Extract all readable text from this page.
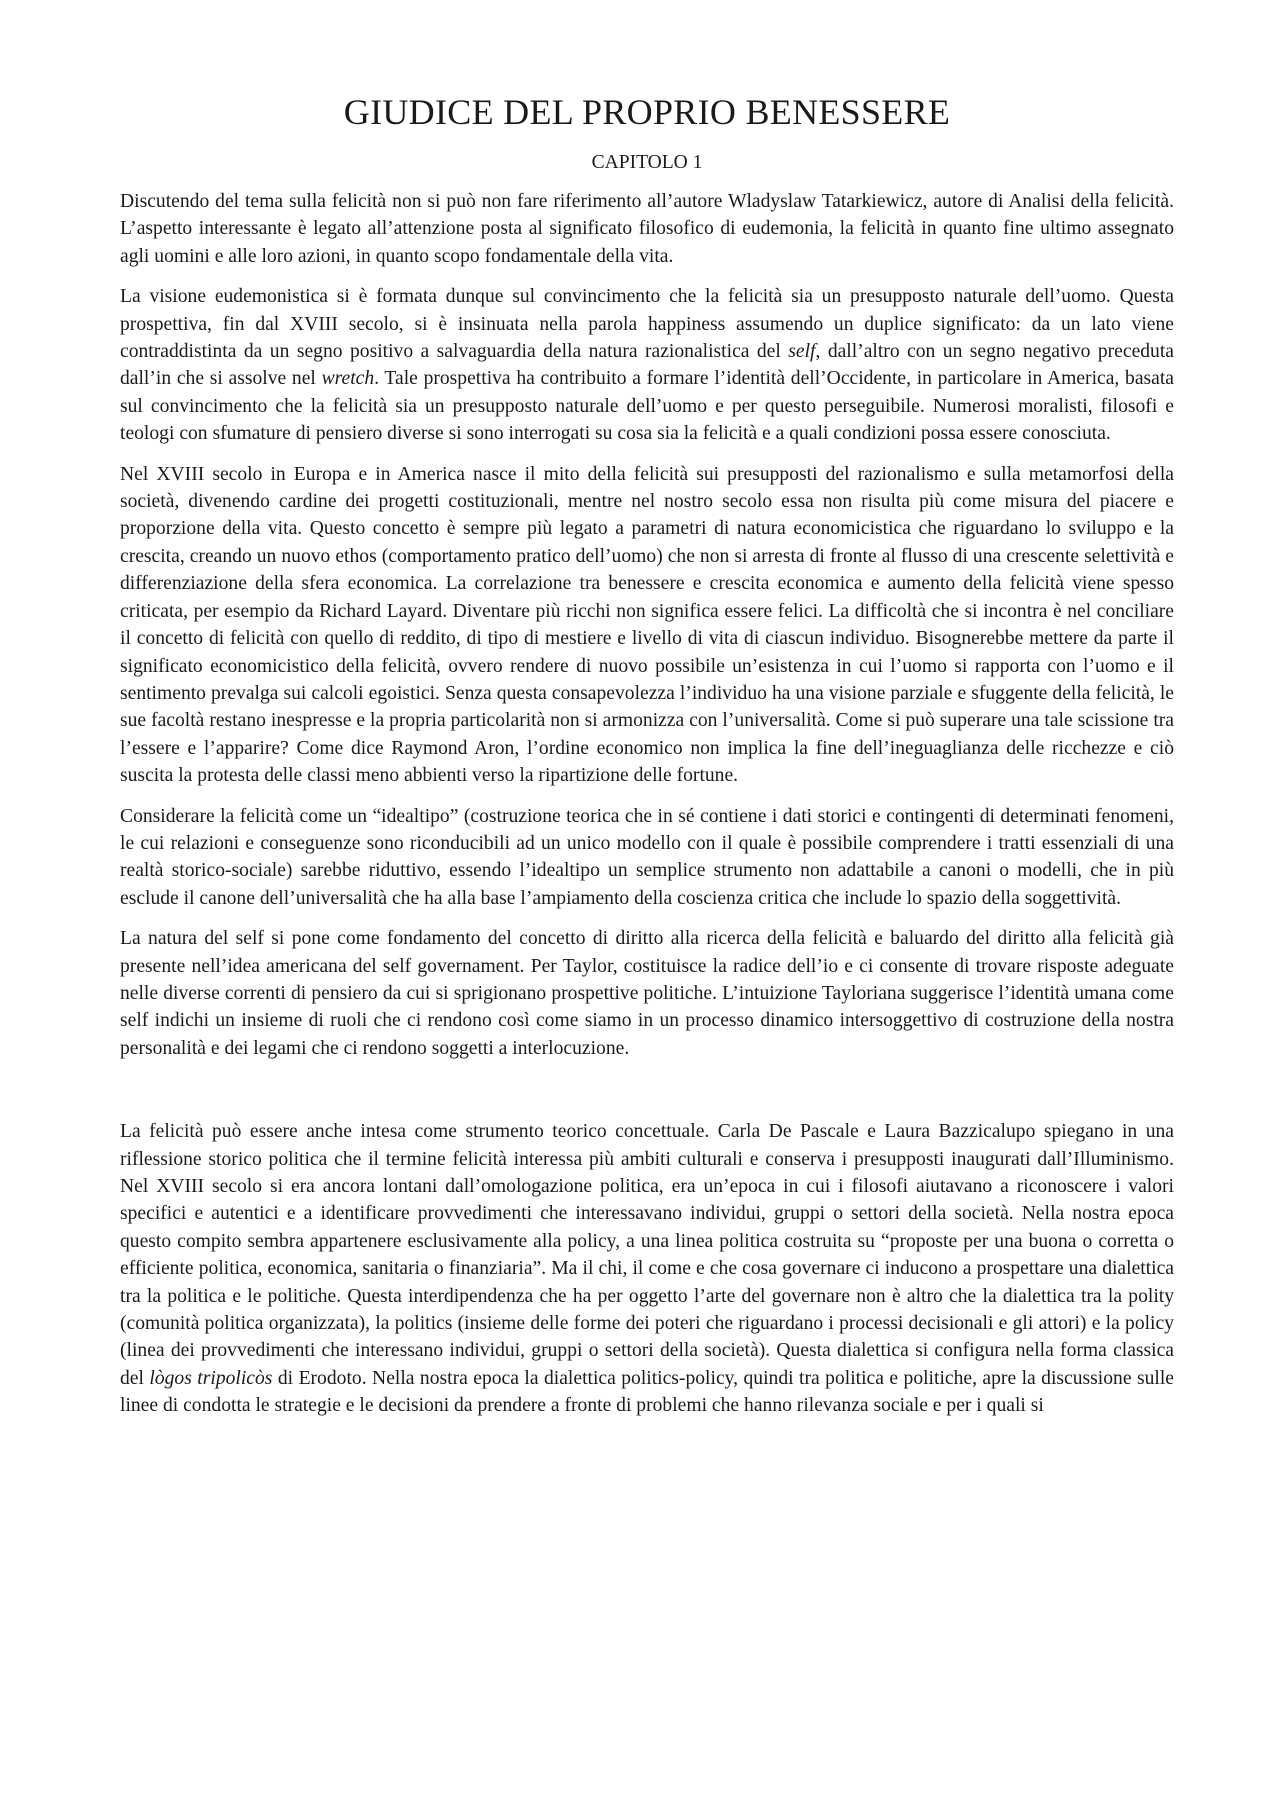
GIUDICE DEL PROPRIO BENESSERE
CAPITOLO 1

Discutendo del tema sulla felicità non si può non fare riferimento all’autore Wladyslaw Tatarkiewicz, autore di Analisi della felicità. L’aspetto interessante è legato all’attenzione posta al significato filosofico di eudemonia, la felicità in quanto fine ultimo assegnato agli uomini e alle loro azioni, in quanto scopo fondamentale della vita.

La visione eudemonistica si è formata dunque sul convincimento che la felicità sia un presupposto naturale dell’uomo. Questa prospettiva, fin dal XVIII secolo, si è insinuata nella parola happiness assumendo un duplice significato: da un lato viene contraddistinta da un segno positivo a salvaguardia della natura razionalistica del self, dall’altro con un segno negativo preceduta dall’in che si assolve nel wretch. Tale prospettiva ha contribuito a formare l’identità dell’Occidente, in particolare in America, basata sul convincimento che la felicità sia un presupposto naturale dell’uomo e per questo perseguibile. Numerosi moralisti, filosofi e teologi con sfumature di pensiero diverse si sono interrogati su cosa sia la felicità e a quali condizioni possa essere conosciuta.

Nel XVIII secolo in Europa e in America nasce il mito della felicità sui presupposti del razionalismo e sulla metamorfosi della società, divenendo cardine dei progetti costituzionali, mentre nel nostro secolo essa non risulta più come misura del piacere e proporzione della vita. Questo concetto è sempre più legato a parametri di natura economicistica che riguardano lo sviluppo e la crescita, creando un nuovo ethos (comportamento pratico dell’uomo) che non si arresta di fronte al flusso di una crescente selettività e differenziazione della sfera economica. La correlazione tra benessere e crescita economica e aumento della felicità viene spesso criticata, per esempio da Richard Layard. Diventare più ricchi non significa essere felici. La difficoltà che si incontra è nel conciliare il concetto di felicità con quello di reddito, di tipo di mestiere e livello di vita di ciascun individuo. Bisognerebbe mettere da parte il significato economicistico della felicità, ovvero rendere di nuovo possibile un’esistenza in cui l’uomo si rapporta con l’uomo e il sentimento prevalga sui calcoli egoistici. Senza questa consapevolezza l’individuo ha una visione parziale e sfuggente della felicità, le sue facoltà restano inespresse e la propria particolarità non si armonizza con l’universalità. Come si può superare una tale scissione tra l’essere e l’apparire? Come dice Raymond Aron, l’ordine economico non implica la fine dell’ineguaglianza delle ricchezze e ciò suscita la protesta delle classi meno abbienti verso la ripartizione delle fortune.

Considerare la felicità come un “idealtipo” (costruzione teorica che in sé contiene i dati storici e contingenti di determinati fenomeni, le cui relazioni e conseguenze sono riconducibili ad un unico modello con il quale è possibile comprendere i tratti essenziali di una realtà storico-sociale) sarebbe riduttivo, essendo l’idealtipo un semplice strumento non adattabile a canoni o modelli, che in più esclude il canone dell’universalità che ha alla base l’ampiamento della coscienza critica che include lo spazio della soggettività.

La natura del self si pone come fondamento del concetto di diritto alla ricerca della felicità e baluardo del diritto alla felicità già presente nell’idea americana del self governament. Per Taylor, costituisce la radice dell’io e ci consente di trovare risposte adeguate nelle diverse correnti di pensiero da cui si sprigionano prospettive politiche. L’intuizione Tayloriana suggerisce l’identità umana come self indichi un insieme di ruoli che ci rendono così come siamo in un processo dinamico intersoggettivo di costruzione della nostra personalità e dei legami che ci rendono soggetti a interlocuzione.

La felicità può essere anche intesa come strumento teorico concettuale. Carla De Pascale e Laura Bazzicalupo spiegano in una riflessione storico politica che il termine felicità interessa più ambiti culturali e conserva i presupposti inaugurati dall’Illuminismo. Nel XVIII secolo si era ancora lontani dall’omologazione politica, era un’epoca in cui i filosofi aiutavano a riconoscere i valori specifici e autentici e a identificare provvedimenti che interessavano individui, gruppi o settori della società. Nella nostra epoca questo compito sembra appartenere esclusivamente alla policy, a una linea politica costruita su “proposte per una buona o corretta o efficiente politica, economica, sanitaria o finanziaria”. Ma il chi, il come e che cosa governare ci inducono a prospettare una dialettica tra la politica e le politiche. Questa interdipendenza che ha per oggetto l’arte del governare non è altro che la dialettica tra la polity (comunità politica organizzata), la politics (insieme delle forme dei poteri che riguardano i processi decisionali e gli attori) e la policy (linea dei provvedimenti che interessano individui, gruppi o settori della società). Questa dialettica si configura nella forma classica del lògos tripolicòs di Erodoto. Nella nostra epoca la dialettica politics-policy, quindi tra politica e politiche, apre la discussione sulle linee di condotta le strategie e le decisioni da prendere a fronte di problemi che hanno rilevanza sociale e per i quali si
